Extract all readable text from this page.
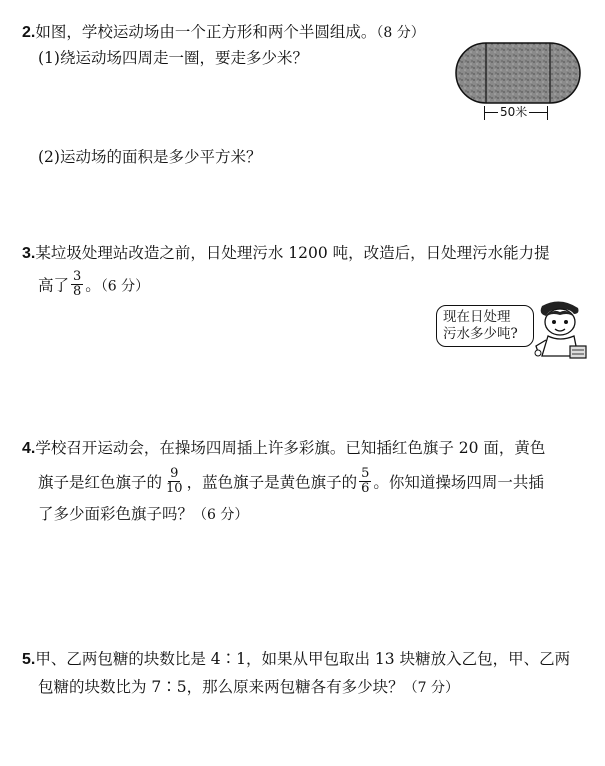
2.如图，学校运动场由一个正方形和两个半圆组成。（8 分）
(1)绕运动场四周走一圈，要走多少米？
50米
(2)运动场的面积是多少平方米？
3.某垃圾处理站改造之前，日处理污水 1200 吨，改造后，日处理污水能力提
高了 $\frac{3}{8}$ 。（6 分）
现在日处理
污水多少吨?
4.学校召开运动会，在操场四周插上许多彩旗。已知插红色旗子 20 面，黄色
旗子是红色旗子的 $\frac{9}{10}$ ，蓝色旗子是黄色旗子的 $\frac{5}{6}$ 。你知道操场四周一共插
了多少面彩色旗子吗？（6 分）
5.甲、乙两包糖的块数比是 4∶1，如果从甲包取出 13 块糖放入乙包，甲、乙两
包糖的块数比为 7∶5，那么原来两包糖各有多少块？（7 分）
